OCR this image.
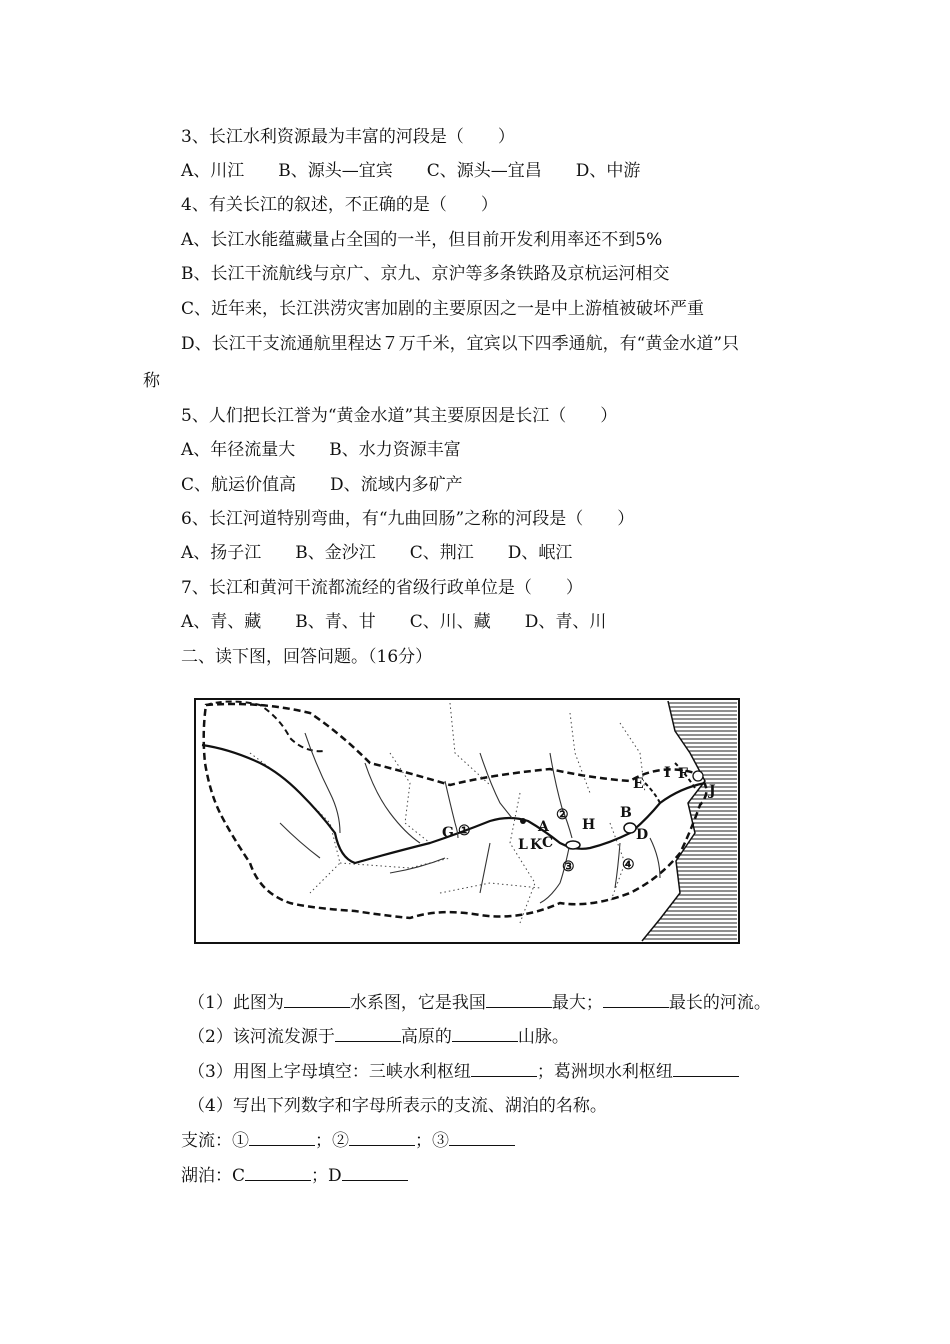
3、长江水利资源最为丰富的河段是（　　）
A、川江　　B、源头—宜宾　　C、源头—宜昌　　D、中游
4、有关长江的叙述，不正确的是（　　）
A、长江水能蕴藏量占全国的一半，但目前开发利用率还不到5%
B、长江干流航线与京广、京九、京沪等多条铁路及京杭运河相交
C、近年来，长江洪涝灾害加剧的主要原因之一是中上游植被破坏严重
D、长江干支流通航里程达７万千米，宜宾以下四季通航，有“黄金水道”只
称
5、人们把长江誉为“黄金水道”其主要原因是长江（　　）
A、年径流量大　　B、水力资源丰富
C、航运价值高　　D、流域内多矿产
6、长江河道特别弯曲，有“九曲回肠”之称的河段是（　　）
A、扬子江　　B、金沙江　　C、荆江　　D、岷江
7、长江和黄河干流都流经的省级行政单位是（　　）
A、青、藏　　B、青、甘　　C、川、藏　　D、青、川
二、读下图，回答问题。（16分）
①
②
③	④
A
B
C	D
E
F
G	H
I
J
K
L
（1）此图为	水系图，它是我国	最大；	最长的河流。
（2）该河流发源于	高原的	山脉。
（3）用图上字母填空：三峡水利枢纽	；葛洲坝水利枢纽
（4）写出下列数字和字母所表示的支流、湖泊的名称。
支流：①	；②	；③
湖泊：C	；D
